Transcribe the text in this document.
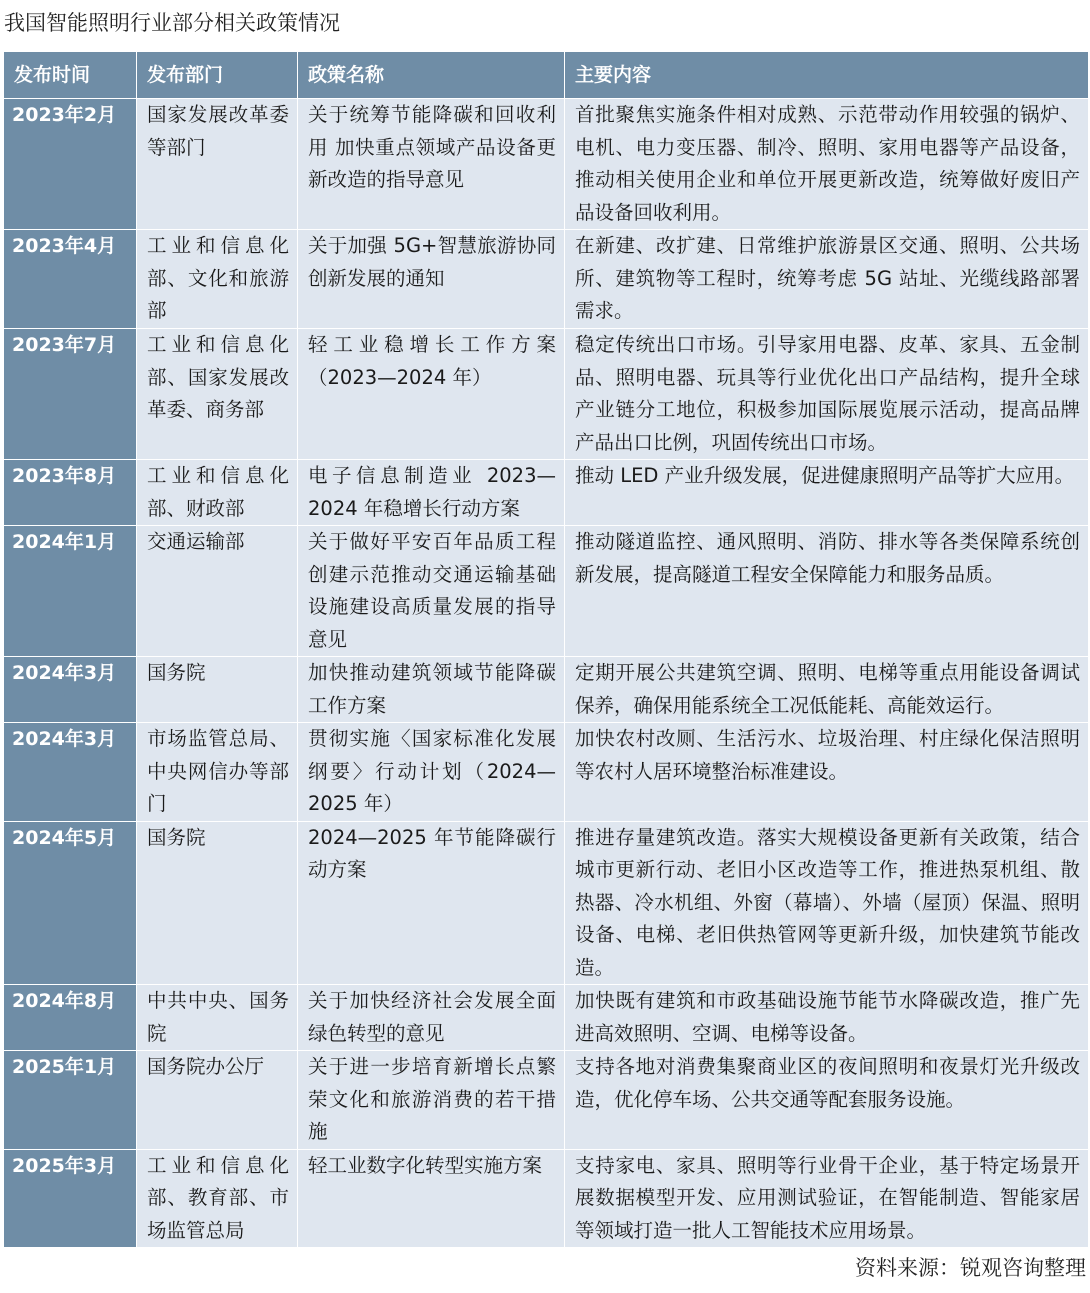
我国智能照明行业部分相关政策情况
发布时间	发布部门	政策名称	主要内容
2023年2月	国家发展改革委等部门	关于统筹节能降碳和回收利用 加快重点领域产品设备更新改造的指导意见	首批聚焦实施条件相对成熟、示范带动作用较强的锅炉、电机、电力变压器、制冷、照明、家用电器等产品设备，推动相关使用企业和单位开展更新改造，统筹做好废旧产品设备回收利用。
2023年4月	工业和信息化部、文化和旅游部	关于加强 5G+智慧旅游协同创新发展的通知	在新建、改扩建、日常维护旅游景区交通、照明、公共场所、建筑物等工程时，统筹考虑 5G 站址、光缆线路部署需求。
2023年7月	工业和信息化部、国家发展改革委、商务部	轻工业稳增长工作方案（2023—2024 年）	稳定传统出口市场。引导家用电器、皮革、家具、五金制品、照明电器、玩具等行业优化出口产品结构，提升全球产业链分工地位，积极参加国际展览展示活动，提高品牌产品出口比例，巩固传统出口市场。
2023年8月	工业和信息化部、财政部	电子信息制造业 2023—2024 年稳增长行动方案	推动 LED 产业升级发展，促进健康照明产品等扩大应用。
2024年1月	交通运输部	关于做好平安百年品质工程创建示范推动交通运输基础设施建设高质量发展的指导意见	推动隧道监控、通风照明、消防、排水等各类保障系统创新发展，提高隧道工程安全保障能力和服务品质。
2024年3月	国务院	加快推动建筑领域节能降碳工作方案	定期开展公共建筑空调、照明、电梯等重点用能设备调试保养，确保用能系统全工况低能耗、高能效运行。
2024年3月	市场监管总局、中央网信办等部门	贯彻实施〈国家标准化发展纲要〉行动计划（2024—2025 年）	加快农村改厕、生活污水、垃圾治理、村庄绿化保洁照明等农村人居环境整治标准建设。
2024年5月	国务院	2024—2025 年节能降碳行动方案	推进存量建筑改造。落实大规模设备更新有关政策，结合城市更新行动、老旧小区改造等工作，推进热泵机组、散热器、冷水机组、外窗（幕墙）、外墙（屋顶）保温、照明设备、电梯、老旧供热管网等更新升级，加快建筑节能改造。
2024年8月	中共中央、国务院	关于加快经济社会发展全面绿色转型的意见	加快既有建筑和市政基础设施节能节水降碳改造，推广先进高效照明、空调、电梯等设备。
2025年1月	国务院办公厅	关于进一步培育新增长点繁荣文化和旅游消费的若干措施	支持各地对消费集聚商业区的夜间照明和夜景灯光升级改造，优化停车场、公共交通等配套服务设施。
2025年3月	工业和信息化部、教育部、市场监管总局	轻工业数字化转型实施方案	支持家电、家具、照明等行业骨干企业，基于特定场景开展数据模型开发、应用测试验证，在智能制造、智能家居等领域打造一批人工智能技术应用场景。
资料来源：锐观咨询整理
